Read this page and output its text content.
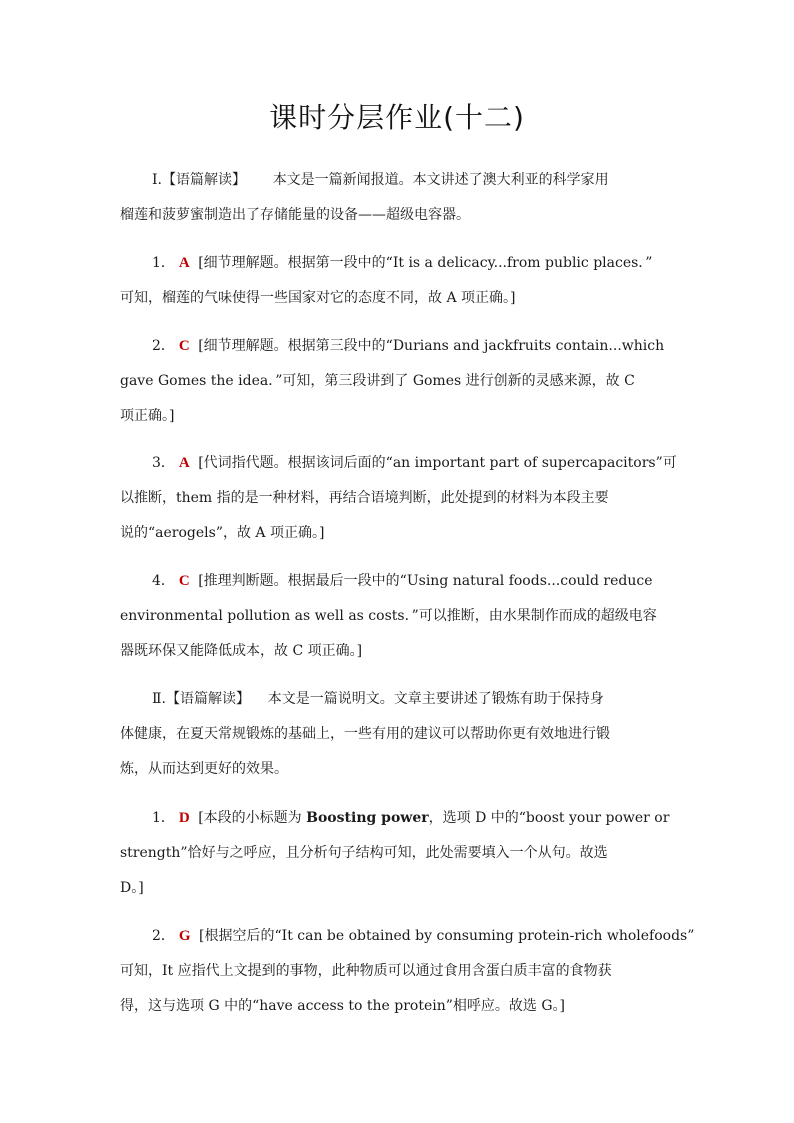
课时分层作业(十二)
Ⅰ.【语篇解读】 本文是一篇新闻报道。本文讲述了澳大利亚的科学家用
榴莲和菠萝蜜制造出了存储能量的设备——超级电容器。
1． A [细节理解题。根据第一段中的“It is a delicacy...from public places．”
可知，榴莲的气味使得一些国家对它的态度不同，故 A 项正确。]
2． C [细节理解题。根据第三段中的“Durians and jackfruits contain...which
gave Gomes the idea．”可知，第三段讲到了 Gomes 进行创新的灵感来源，故 C
项正确。]
3． A [代词指代题。根据该词后面的“an important part of supercapacitors”可
以推断，them 指的是一种材料，再结合语境判断，此处提到的材料为本段主要
说的“aerogels”，故 A 项正确。]
4． C [推理判断题。根据最后一段中的“Using natural foods...could reduce
environmental pollution as well as costs．”可以推断，由水果制作而成的超级电容
器既环保又能降低成本，故 C 项正确。]
Ⅱ.【语篇解读】 本文是一篇说明文。文章主要讲述了锻炼有助于保持身
体健康，在夏天常规锻炼的基础上，一些有用的建议可以帮助你更有效地进行锻
炼，从而达到更好的效果。
1． D [本段的小标题为 Boosting power，选项 D 中的“boost your power or
strength”恰好与之呼应，且分析句子结构可知，此处需要填入一个从句。故选
D。]
2． G [根据空后的“It can be obtained by consuming protein-rich wholefoods”
可知，It 应指代上文提到的事物，此种物质可以通过食用含蛋白质丰富的食物获
得，这与选项 G 中的“have access to the protein”相呼应。故选 G。]
